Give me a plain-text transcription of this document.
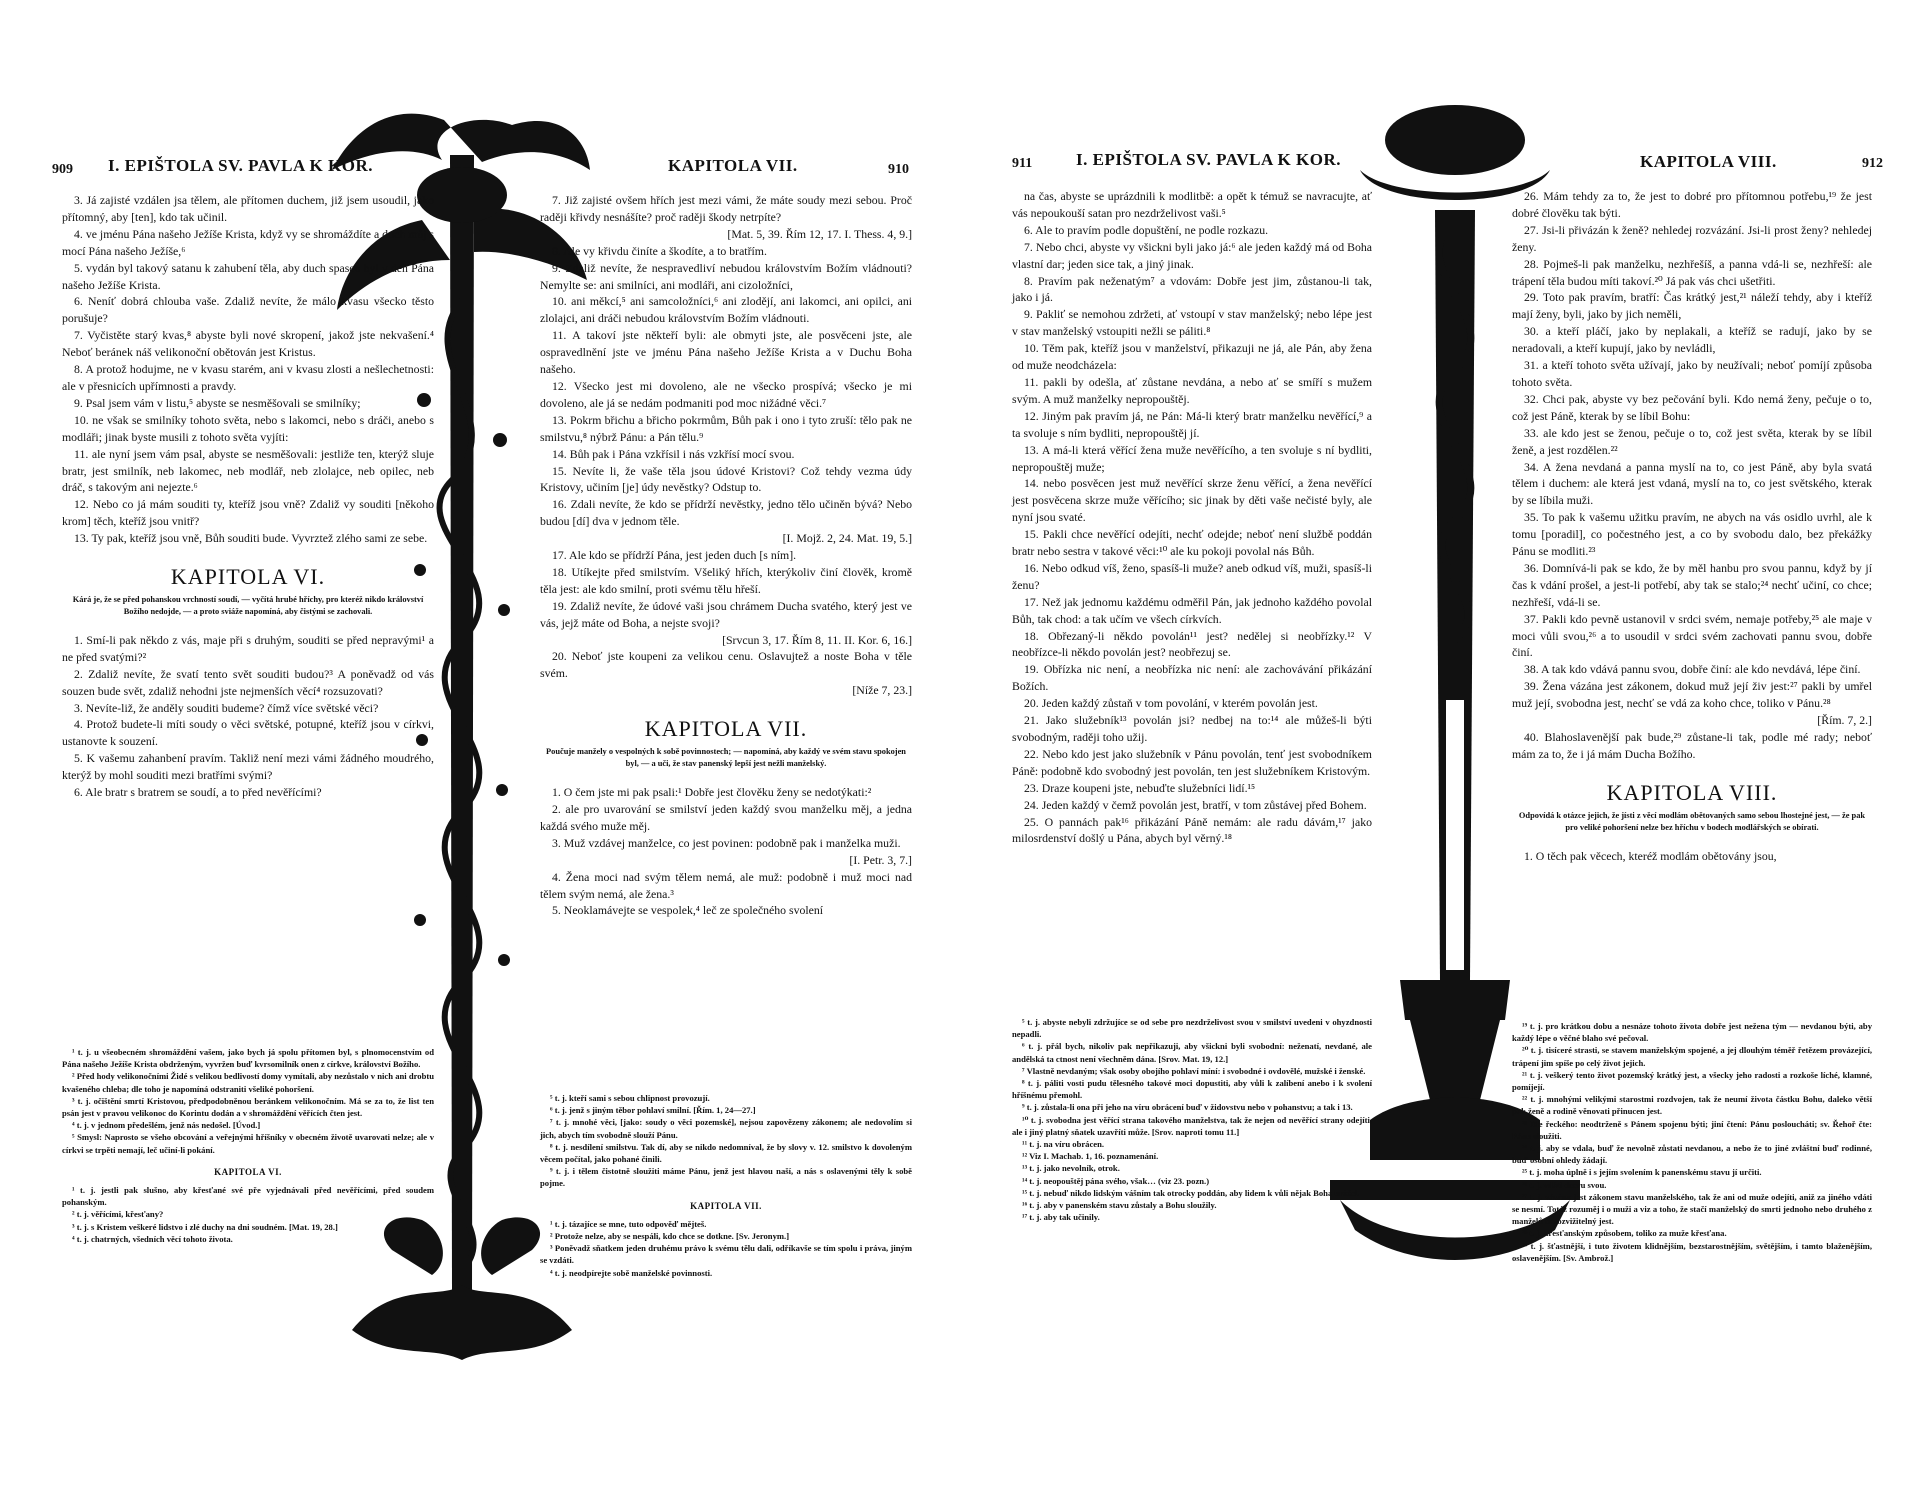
909 I. EPIŠTOLA SV. PAVLA K KOR.	KAPITOLA VII.	910

3. Já zajisté vzdálen jsa tělem, ale přítomen duchem, již jsem usoudil, jako přítomný, aby [ten], kdo tak učinil.

4. ve jménu Pána našeho Ježíše Krista, když vy se shromáždíte a duch můj s mocí Pána našeho Ježíše,⁶

5. vydán byl takový satanu k zahubení těla, aby duch spasen byl v den Pána našeho Ježíše Krista.

6. Neníť dobrá chlouba vaše. Zdaliž nevíte, že málo kvasu všecko těsto porušuje?

7. Vyčistěte starý kvas,⁸ abyste byli nové skropení, jakož jste nekvašení.⁴ Neboť beránek náš velikonoční obětován jest Kristus.

8. A protož hodujme, ne v kvasu starém, ani v kvasu zlosti a nešlechetnosti: ale v přesnicích upřímnosti a pravdy.

9. Psal jsem vám v listu,⁵ abyste se nesměšovali se smilníky;

10. ne však se smilníky tohoto světa, nebo s lakomci, nebo s dráči, anebo s modláři; jinak byste musili z tohoto světa vyjíti:

11. ale nyní jsem vám psal, abyste se nesměšovali: jestliže ten, kterýž sluje bratr, jest smilník, neb lakomec, neb modlář, neb zlolajce, neb opilec, neb dráč, s takovým ani nejezte.⁶

12. Nebo co já mám souditi ty, kteříž jsou vně? Zdaliž vy souditi [někoho krom] těch, kteříž jsou vnitř?

13. Ty pak, kteříž jsou vně, Bůh souditi bude. Vyvrztež zlého sami ze sebe.

KAPITOLA VI.
Kárá je, že se před pohanskou vrchností soudí, — vyčítá hrubé hříchy, pro kteréž nikdo království Božího nedojde, — a proto sviáže napomíná, aby čistými se zachovali.

1. Smí-li pak někdo z vás, maje při s druhým, souditi se před nepravými¹ a ne před svatými?²

2. Zdaliž nevíte, že svatí tento svět souditi budou?³ A poněvadž od vás souzen bude svět, zdaliž nehodni jste nejmenších věcí⁴ rozsuzovati?

3. Nevíte-liž, že anděly souditi budeme? čímž více světské věci?

4. Protož budete-li míti soudy o věci světské, potupné, kteříž jsou v církvi, ustanovte k souzení.

5. K vašemu zahanbení pravím. Takliž není mezi vámi žádného moudrého, kterýž by mohl souditi mezi bratřími svými?

6. Ale bratr s bratrem se soudí, a to před nevěřícími?

¹ t. j. u všeobecném shromáždění vašem, jako bych já spolu přítomen byl, s plnomocenstvím od Pána našeho Ježíše Krista obdrženým, vyvržen buď kvrsomilník onen z církve, království Božího.

² Před hody velikonočními Židé s velikou bedlivostí domy vymítali, aby nezůstalo v nich ani drobtu kvašeného chleba; dle toho je napomíná odstraniti všeliké pohoršení.

³ t. j. očištění smrtí Kristovou, předpodobněnou beránkem velikonočním. Má se za to, že list ten psán jest v pravou velikonoc do Korintu dodán a v shromáždění věřících čten jest.

⁴ t. j. v jednom předešlém, jenž nás nedošel. [Úvod.]

⁵ Smysl: Naprosto se všeho obcování a veřejnými hříšníky v obecném životě uvarovati nelze; ale v církvi se trpěti nemají, leč učiní-li pokání.

KAPITOLA VI.

¹ t. j. jestli pak slušno, aby křesťané své pře vyjednávali před nevěřícími, před soudem pohanským.

² t. j. věřícími, křesťany?

³ t. j. s Kristem veškeré lidstvo i zlé duchy na dni soudném. [Mat. 19, 28.]

⁴ t. j. chatrných, všedních věcí tohoto života.

7. Již zajisté ovšem hřích jest mezi vámi, že máte soudy mezi sebou. Proč raději křivdy nesnášíte? proč raději škody netrpíte?

[Mat. 5, 39. Řím 12, 17. I. Thess. 4, 9.]

8. Ale vy křivdu činíte a škodíte, a to bratřím.

9. Zdaliž nevíte, že nespravedliví nebudou královstvím Božím vládnouti? Nemylte se: ani smilníci, ani modláři, ani cizoložníci,

10. ani měkcí,⁵ ani samcoložníci,⁶ ani zlodějí, ani lakomci, ani opilci, ani zlolajci, ani dráči nebudou královstvím Božím vládnouti.

11. A takoví jste někteří byli: ale obmyti jste, ale posvěceni jste, ale ospravedlnění jste ve jménu Pána našeho Ježíše Krista a v Duchu Boha našeho.

12. Všecko jest mi dovoleno, ale ne všecko prospívá; všecko je mi dovoleno, ale já se nedám podmaniti pod moc nižádné věci.⁷

13. Pokrm břichu a břicho pokrmům, Bůh pak i ono i tyto zruší: tělo pak ne smilstvu,⁸ nýbrž Pánu: a Pán tělu.⁹

14. Bůh pak i Pána vzkřísil i nás vzkřísí mocí svou.

15. Nevíte li, že vaše těla jsou údové Kristovi? Což tehdy vezma údy Kristovy, učiním [je] údy nevěstky? Odstup to.

16. Zdali nevíte, že kdo se přídrží nevěstky, jedno tělo učiněn bývá? Nebo budou [dí] dva v jednom těle.

[I. Mojž. 2, 24. Mat. 19, 5.]

17. Ale kdo se přídrží Pána, jest jeden duch [s ním].

18. Utíkejte před smilstvím. Všeliký hřích, kterýkoliv činí člověk, kromě těla jest: ale kdo smilní, proti svému tělu hřeší.

19. Zdaliž nevíte, že údové vaši jsou chrámem Ducha svatého, který jest ve vás, jejž máte od Boha, a nejste svoji?

[Srvcun 3, 17. Řím 8, 11. II. Kor. 6, 16.]

20. Neboť jste koupeni za velikou cenu. Oslavujtež a noste Boha v těle svém.

[Níže 7, 23.]

KAPITOLA VII.
Poučuje manžely o vespolných k sobě povinnostech; — napomíná, aby každý ve svém stavu spokojen byl, — a uči, že stav panenský lepší jest nežli manželský.

1. O čem jste mi pak psali:¹ Dobře jest člověku ženy se nedotýkati:²

2. ale pro uvarování se smilství jeden každý svou manželku měj, a jedna každá svého muže měj.

3. Muž vzdávej manželce, co jest povinen: podobně pak i manželka muži.

[I. Petr. 3, 7.]

4. Žena moci nad svým tělem nemá, ale muž: podobně i muž moci nad tělem svým nemá, ale žena.³

5. Neoklamávejte se vespolek,⁴ leč ze společného svolení

⁵ t. j. kteří sami s sebou chlipnost provozují.

⁶ t. j. jenž s jiným těbor pohlaví smilní. [Řím. 1, 24—27.]

⁷ t. j. mnohé věci, [jako: soudy o věci pozemské], nejsou zapovězeny zákonem; ale nedovolím si jich, abych tím svobodně slouží Pánu.

⁸ t. j. nesdílení smilstvu. Tak dí, aby se nikdo nedomníval, že by slovy v. 12. smilstvo k dovoleným věcem počítal, jako pohané činili.

⁹ t. j. i tělem čistotně sloužiti máme Pánu, jenž jest hlavou naší, a nás s oslavenými těly k sobě pojme.

KAPITOLA VII.

¹ t. j. tázajíce se mne, tuto odpověď mějteš.

² Protože nelze, aby se nespáli, kdo chce se dotkne. [Sv. Jeronym.]

³ Poněvadž sňatkem jeden druhému právo k svému tělu dali, odříkavše se tím spolu i práva, jiným se vzdáti.

⁴ t. j. neodpírejte sobě manželské povinnosti.

911	I. EPIŠTOLA SV. PAVLA K KOR.	KAPITOLA VIII.	912

na čas, abyste se uprázdnili k modlitbě: a opět k témuž se navracujte, ať vás nepoukouší satan pro nezdrželivost vaši.⁵

6. Ale to pravím podle dopuštění, ne podle rozkazu.

7. Nebo chci, abyste vy všickni byli jako já:⁶ ale jeden každý má od Boha vlastní dar; jeden sice tak, a jiný jinak.

8. Pravím pak neženatým⁷ a vdovám: Dobře jest jim, zůstanou-li tak, jako i já.

9. Pakliť se nemohou zdržeti, ať vstoupí v stav manželský; nebo lépe jest v stav manželský vstoupiti nežli se páliti.⁸

10. Těm pak, kteříž jsou v manželství, přikazuji ne já, ale Pán, aby žena od muže neodcházela:

11. pakli by odešla, ať zůstane nevdána, a nebo ať se smíří s mužem svým. A muž manželky nepropouštěj.

12. Jiným pak pravím já, ne Pán: Má-li který bratr manželku nevěřící,⁹ a ta svoluje s ním bydliti, nepropouštěj jí.

13. A má-li která věřící žena muže nevěřícího, a ten svoluje s ní bydliti, nepropouštěj muže;

14. nebo posvěcen jest muž nevěřící skrze ženu věřící, a žena nevěřící jest posvěcena skrze muže věřícího; sic jinak by děti vaše nečisté byly, ale nyní jsou svaté.

15. Pakli chce nevěřící odejíti, nechť odejde; neboť není službě poddán bratr nebo sestra v takové věci:¹⁰ ale ku pokoji povolal nás Bůh.

16. Nebo odkud víš, ženo, spasíš-li muže? aneb odkud víš, muži, spasíš-li ženu?

17. Než jak jednomu každému odměřil Pán, jak jednoho každého povolal Bůh, tak chod: a tak učím ve všech církvích.

18. Obřezaný-li někdo povolán¹¹ jest? nedělej si neobřízky.¹² V neobřízce-li někdo povolán jest? neobřezuj se.

19. Obřízka nic není, a neobřízka nic není: ale zachovávání přikázání Božích.

20. Jeden každý zůstaň v tom povolání, v kterém povolán jest.

21. Jako služebník¹³ povolán jsi? nedbej na to:¹⁴ ale můžeš-li býti svobodným, raději toho užij.

22. Nebo kdo jest jako služebník v Pánu povolán, tenť jest svobodníkem Páně: podobně kdo svobodný jest povolán, ten jest služebníkem Kristovým.

23. Draze koupeni jste, nebuďte služebníci lidí.¹⁵

24. Jeden každý v čemž povolán jest, bratří, v tom zůstávej před Bohem.

25. O pannách pak¹⁶ přikázání Páně nemám: ale radu dávám,¹⁷ jako milosrdenství došlý u Pána, abych byl věrný.¹⁸

⁵ t. j. abyste nebyli zdržujíce se od sebe pro nezdrželivost svou v smilství uvedeni v ohyzdnosti nepadli.

⁶ t. j. přál bych, nikoliv pak nepřikazuji, aby všickni byli svobodní: neženatí, nevdané, ale andělská ta ctnost není všechněm dána. [Srov. Mat. 19, 12.]

⁷ Vlastně nevdaným; však osoby obojího pohlaví míní: i svobodné i ovdovělé, mužské i ženské.

⁸ t. j. páliti vosti pudu tělesného takové moci dopustiti, aby vůli k zalíbení anebo i k svolení hříšnému přemohl.

⁹ t. j. zůstala-li ona při jeho na víru obrácení buď v židovstvu nebo v pohanstvu; a tak i 13.

¹⁰ t. j. svobodna jest věřící strana takového manželstva, tak že nejen od nevěřící strany odejíti, ale i jiný platný sňatek uzavříti může. [Srov. naproti tomu 11.]

¹¹ t. j. na víru obrácen.

¹² Viz I. Machab. 1, 16. poznamenání.

¹³ t. j. jako nevolník, otrok.

¹⁴ t. j. neopouštěj pána svého, však… (viz 23. pozn.)

¹⁵ t. j. nebuď nikdo lidským vášním tak otrocky poddán, aby lidem k vůli nějak Boha urážel.

¹⁶ t. j. aby v panenském stavu zůstaly a Bohu sloužily.

¹⁷ t. j. aby tak učinily.

26. Mám tehdy za to, že jest to dobré pro přítomnou potřebu,¹⁹ že jest dobré člověku tak býti.

27. Jsi-li přivázán k ženě? nehledej rozvázání. Jsi-li prost ženy? nehledej ženy.

28. Pojmeš-li pak manželku, nezhřešíš, a panna vdá-li se, nezhřeší: ale trápení těla budou míti takoví.²⁰ Já pak vás chci ušetřiti.

29. Toto pak pravím, bratří: Čas krátký jest,²¹ náleží tehdy, aby i kteříž mají ženy, byli, jako by jich neměli,

30. a kteří pláčí, jako by neplakali, a kteříž se radují, jako by se neradovali, a kteří kupují, jako by nevládli,

31. a kteří tohoto světa užívají, jako by neužívali; neboť pomíjí způsoba tohoto světa.

32. Chci pak, abyste vy bez pečování byli. Kdo nemá ženy, pečuje o to, což jest Páně, kterak by se líbil Bohu:

33. ale kdo jest se ženou, pečuje o to, což jest světa, kterak by se líbil ženě, a jest rozdělen.²²

34. A žena nevdaná a panna myslí na to, co jest Páně, aby byla svatá tělem i duchem: ale která jest vdaná, myslí na to, co jest světského, kterak by se líbila muži.

35. To pak k vašemu užitku pravím, ne abych na vás osidlo uvrhl, ale k tomu [poradil], co počestného jest, a co by svobodu dalo, bez překážky Pánu se modliti.²³

36. Domnívá-li pak se kdo, že by měl hanbu pro svou pannu, když by jí čas k vdání prošel, a jest-li potřebí, aby tak se stalo;²⁴ nechť učiní, co chce; nezhřeší, vdá-li se.

37. Pakli kdo pevně ustanovil v srdci svém, nemaje potřeby,²⁵ ale maje v moci vůli svou,²⁶ a to usoudil v srdci svém zachovati pannu svou, dobře činí.

38. A tak kdo vdává pannu svou, dobře činí: ale kdo nevdává, lépe činí.

39. Žena vázána jest zákonem, dokud muž její živ jest:²⁷ pakli by umřel muž její, svobodna jest, nechť se vdá za koho chce, toliko v Pánu.²⁸

[Řím. 7, 2.]

40. Blahoslavenější pak bude,²⁹ zůstane-li tak, podle mé rady; neboť mám za to, že i já mám Ducha Božího.

KAPITOLA VIII.
Odpovídá k otázce jejich, že jísti z věcí modlám obětovaných samo sebou lhostejné jest, — že pak pro veliké pohoršení nelze bez hříchu v bodech modlářských se obírati.

1. O těch pak věcech, kteréž modlám obětovány jsou,

¹⁹ t. j. pro krátkou dobu a nesnáze tohoto života dobře jest nežena tým — nevdanou býti, aby každý lépe o věčné blaho své pečoval.

²⁰ t. j. tisíceré strasti, se stavem manželským spojené, a jej dlouhým téměř řetězem provázející, trápení jim spíše po celý život jejich.

²¹ t. j. veškerý tento život pozemský krátký jest, a všecky jeho radosti a rozkoše líché, klamné, pomíjejí.

²² t. j. mnohými velikými starostmi rozdvojen, tak že neumí života částku Bohu, daleko větší pak ženě a rodině věnovati přinucen jest.

²³ Dle řeckého: neodtrženě s Pánem spojenu býti; jiní čtení: Pánu posloucháti; sv. Řehoř čte: Pánu sloužiti.

²⁴ t. j. aby se vdala, buď že nevolně zůstati nevdanou, a nebo že to jiné zvláštní buď rodinné, buď osobní ohledy žádají.

²⁵ t. j. moha úplně i s jejím svolením k panenskému stavu jí určiti.

²⁶ t. j. vdáti dceru svou.

²⁷ t. j. vázána jest zákonem stavu manželského, tak že ani od muže odejíti, aniž za jiného vdáti se nesmí. Totéž rozuměj i o muži a viz a toho, že stačí manželský do smrti jednoho nebo druhého z manželů nerozvižitelný jest.

²⁸ t. j. křesťanským způsobem, toliko za muže křesťana.

²⁹ t. j. šťastnější, i tuto životem klidnějším, bezstarostnějším, světějším, i tamto blaženějším, oslavenějším. [Sv. Ambrož.]
